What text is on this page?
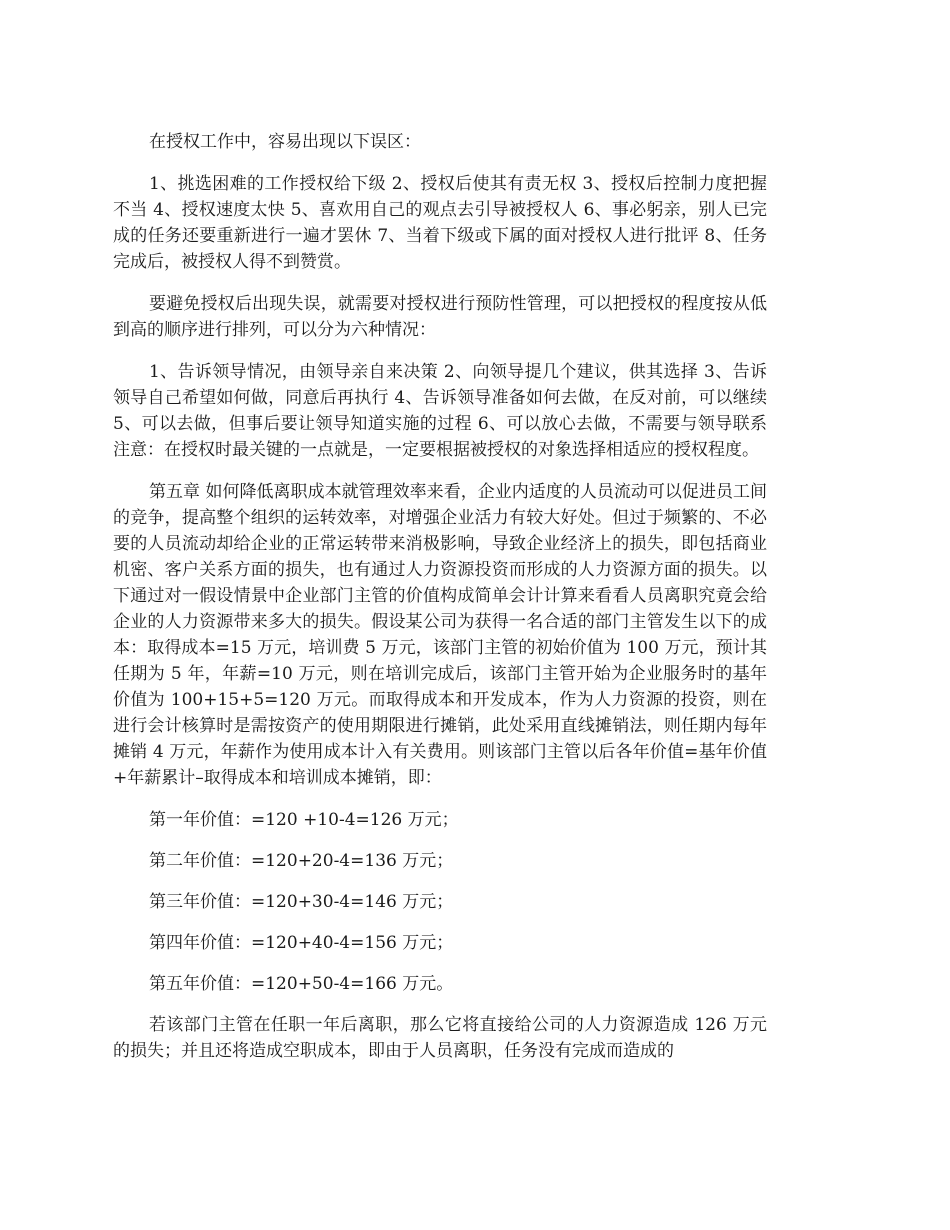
在授权工作中，容易出现以下误区：

1、挑选困难的工作授权给下级 2、授权后使其有责无权 3、授权后控制力度把握不当 4、授权速度太快 5、喜欢用自己的观点去引导被授权人 6、事必躬亲，别人已完成的任务还要重新进行一遍才罢休 7、当着下级或下属的面对授权人进行批评 8、任务完成后，被授权人得不到赞赏。

要避免授权后出现失误，就需要对授权进行预防性管理，可以把授权的程度按从低到高的顺序进行排列，可以分为六种情况：

1、告诉领导情况，由领导亲自来决策 2、向领导提几个建议，供其选择 3、告诉领导自己希望如何做，同意后再执行 4、告诉领导准备如何去做，在反对前，可以继续 5、可以去做，但事后要让领导知道实施的过程 6、可以放心去做，不需要与领导联系注意：在授权时最关键的一点就是，一定要根据被授权的对象选择相适应的授权程度。

第五章 如何降低离职成本就管理效率来看，企业内适度的人员流动可以促进员工间的竞争，提高整个组织的运转效率，对增强企业活力有较大好处。但过于频繁的、不必要的人员流动却给企业的正常运转带来消极影响，导致企业经济上的损失，即包括商业机密、客户关系方面的损失，也有通过人力资源投资而形成的人力资源方面的损失。以下通过对一假设情景中企业部门主管的价值构成简单会计计算来看看人员离职究竟会给企业的人力资源带来多大的损失。假设某公司为获得一名合适的部门主管发生以下的成本：取得成本=15 万元，培训费 5 万元，该部门主管的初始价值为 100 万元，预计其任期为 5 年，年薪=10 万元，则在培训完成后，该部门主管开始为企业服务时的基年价值为 100+15+5=120 万元。而取得成本和开发成本，作为人力资源的投资，则在进行会计核算时是需按资产的使用期限进行摊销，此处采用直线摊销法，则任期内每年摊销 4 万元，年薪作为使用成本计入有关费用。则该部门主管以后各年价值=基年价值+年薪累计–取得成本和培训成本摊销，即：

第一年价值：=120 +10-4=126 万元；

第二年价值：=120+20-4=136 万元；

第三年价值：=120+30-4=146 万元；

第四年价值：=120+40-4=156 万元；

第五年价值：=120+50-4=166 万元。

若该部门主管在任职一年后离职，那么它将直接给公司的人力资源造成 126 万元的损失；并且还将造成空职成本，即由于人员离职，任务没有完成而造成的
